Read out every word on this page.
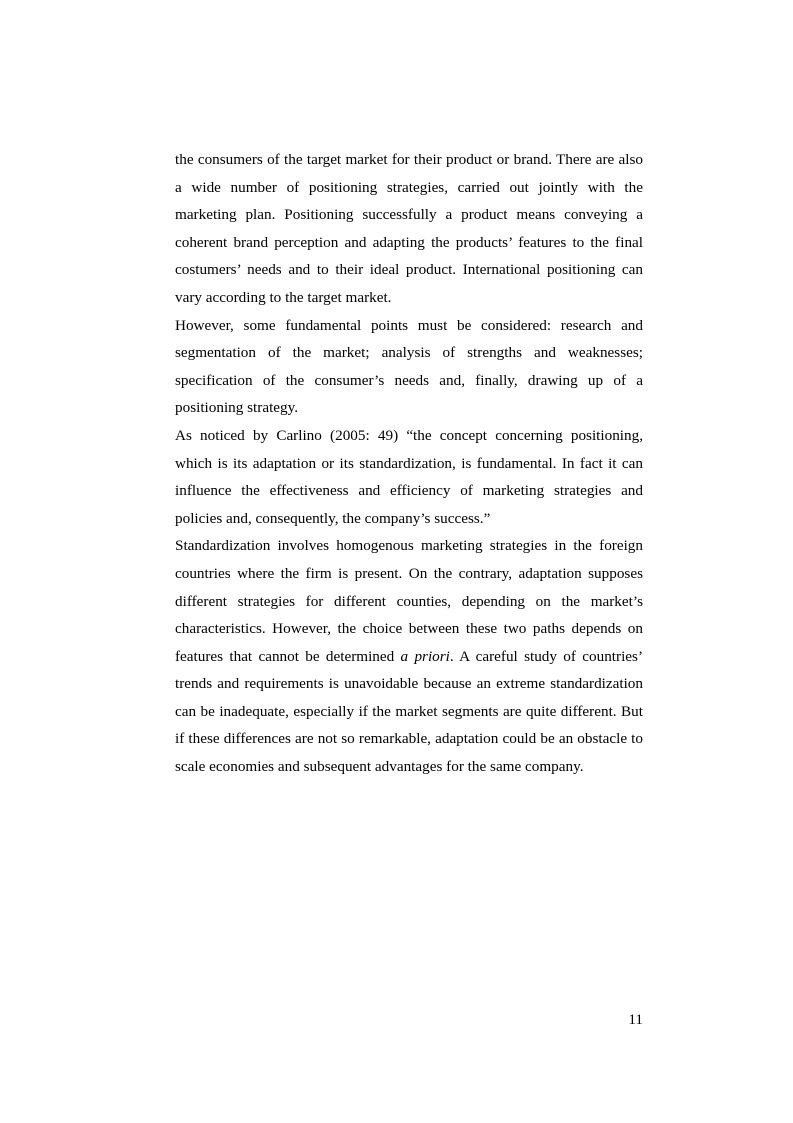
the consumers of the target market for their product or brand. There are also a wide number of positioning strategies, carried out jointly with the marketing plan. Positioning successfully a product means conveying a coherent brand perception and adapting the products’ features to the final costumers’ needs and to their ideal product. International positioning can vary according to the target market.

However, some fundamental points must be considered: research and segmentation of the market; analysis of strengths and weaknesses; specification of the consumer’s needs and, finally, drawing up of a positioning strategy.

As noticed by Carlino (2005: 49) “the concept concerning positioning, which is its adaptation or its standardization, is fundamental. In fact it can influence the effectiveness and efficiency of marketing strategies and policies and, consequently, the company’s success.”

Standardization involves homogenous marketing strategies in the foreign countries where the firm is present. On the contrary, adaptation supposes different strategies for different counties, depending on the market’s characteristics. However, the choice between these two paths depends on features that cannot be determined a priori. A careful study of countries’ trends and requirements is unavoidable because an extreme standardization can be inadequate, especially if the market segments are quite different. But if these differences are not so remarkable, adaptation could be an obstacle to scale economies and subsequent advantages for the same company.

11
